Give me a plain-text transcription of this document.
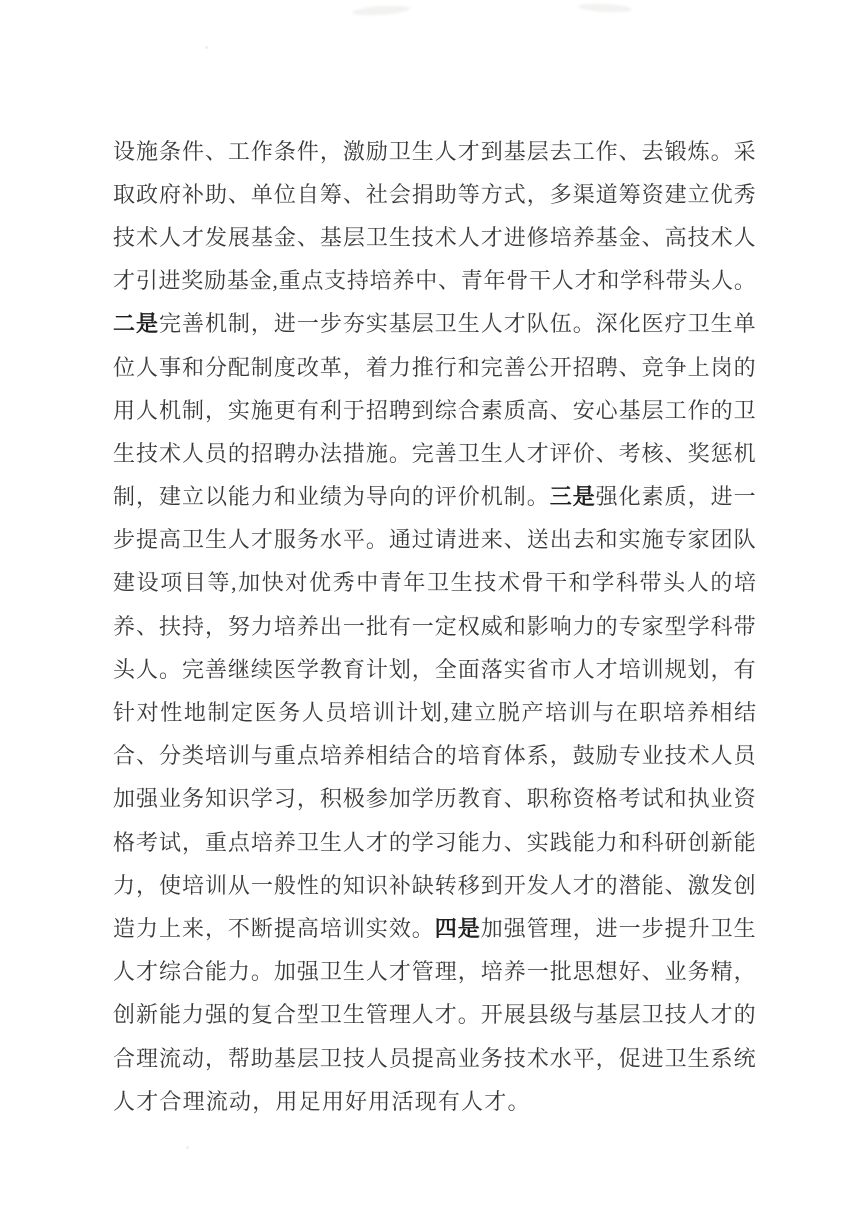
设 施 条 件 、 工 作 条 件 ， 激 励 卫 生 人 才 到 基 层 去 工 作 、 去 锻 炼 。 采
取 政 府 补 助 、 单 位 自 筹 、 社 会 捐 助 等 方 式 ， 多 渠 道 筹 资 建 立 优 秀
技 术 人 才 发 展 基 金 、 基 层 卫 生 技 术 人 才 进 修 培 养 基 金 、 高 技 术 人
才 引 进 奖 励 基 金 , 重 点 支 持 培 养 中 、 青 年 骨 干 人 才 和 学 科 带 头 人 。
二 是 完 善 机 制 ， 进 一 步 夯 实 基 层 卫 生 人 才 队 伍 。 深 化 医 疗 卫 生 单
位 人 事 和 分 配 制 度 改 革 ， 着 力 推 行 和 完 善 公 开 招 聘 、 竞 争 上 岗 的
用 人 机 制 ， 实 施 更 有 利 于 招 聘 到 综 合 素 质 高 、 安 心 基 层 工 作 的 卫
生 技 术 人 员 的 招 聘 办 法 措 施 。 完 善 卫 生 人 才 评 价 、 考 核 、 奖 惩 机
制 ， 建 立 以 能 力 和 业 绩 为 导 向 的 评 价 机 制 。 三 是 强 化 素 质 ， 进 一
步 提 高 卫 生 人 才 服 务 水 平 。 通 过 请 进 来 、 送 出 去 和 实 施 专 家 团 队
建 设 项 目 等 , 加 快 对 优 秀 中 青 年 卫 生 技 术 骨 干 和 学 科 带 头 人 的 培
养 、 扶 持 ， 努 力 培 养 出 一 批 有 一 定 权 威 和 影 响 力 的 专 家 型 学 科 带
头 人 。 完 善 继 续 医 学 教 育 计 划 ， 全 面 落 实 省 市 人 才 培 训 规 划 ， 有
针 对 性 地 制 定 医 务 人 员 培 训 计 划 , 建 立 脱 产 培 训 与 在 职 培 养 相 结
合 、 分 类 培 训 与 重 点 培 养 相 结 合 的 培 育 体 系 ， 鼓 励 专 业 技 术 人 员
加 强 业 务 知 识 学 习 ， 积 极 参 加 学 历 教 育 、 职 称 资 格 考 试 和 执 业 资
格 考 试 ， 重 点 培 养 卫 生 人 才 的 学 习 能 力 、 实 践 能 力 和 科 研 创 新 能
力 ， 使 培 训 从 一 般 性 的 知 识 补 缺 转 移 到 开 发 人 才 的 潜 能 、 激 发 创
造 力 上 来 ， 不 断 提 高 培 训 实 效 。 四 是 加 强 管 理 ， 进 一 步 提 升 卫 生
人 才 综 合 能 力 。 加 强 卫 生 人 才 管 理 ， 培 养 一 批 思 想 好 、 业 务 精 ，
创 新 能 力 强 的 复 合 型 卫 生 管 理 人 才 。 开 展 县 级 与 基 层 卫 技 人 才 的
合 理 流 动 ， 帮 助 基 层 卫 技 人 员 提 高 业 务 技 术 水 平 ， 促 进 卫 生 系 统
人 才 合 理 流 动 ， 用 足 用 好 用 活 现 有 人 才 。
